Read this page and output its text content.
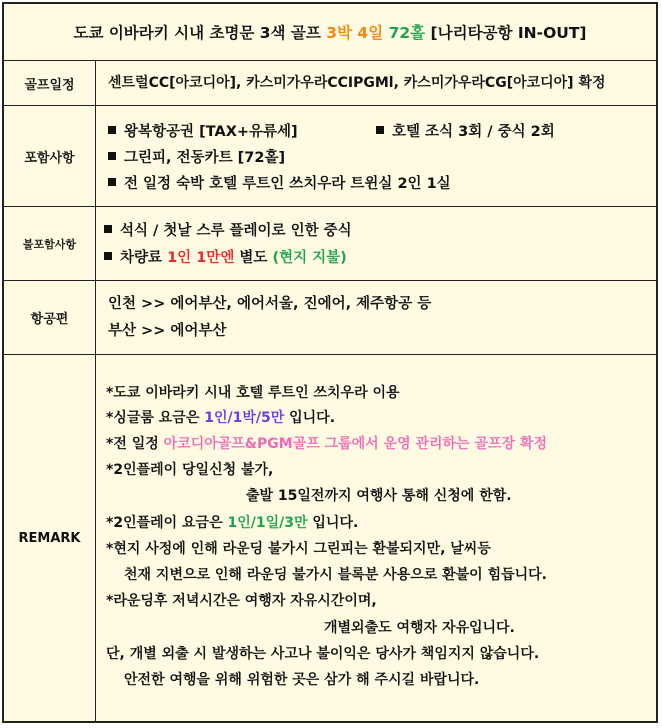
도쿄 이바라키 시내 초명문 3색 골프 3박 4일
72홀 [나리타공항 IN-OUT]
골프일정	센트럴CC[아코디아], 카스미가우라CCIPGMl, 카스미가우라CG[아코디아] 확정
포함사항
왕복항공권 [TAX+유류세]	호텔 조식 3회 / 중식 2회
그린피, 전동카트 [72홀]
전 일정 숙박 호텔 루트인 쓰치우라 트윈실 2인 1실
불포함사항
석식 / 첫날 스루 플레이로 인한 중식
차량료 1인 1만엔 별도 (현지 지불)
항공편
인천 >> 에어부산, 에어서울, 진에어, 제주항공 등
부산 >> 에어부산
REMARK
*도쿄 이바라키 시내 호텔 루트인 쓰치우라 이용
*싱글룸 요금은 1인/1박/5만 입니다.
*전 일정 아코디아골프&PGM골프 그룹에서 운영 관리하는 골프장 확정
*2인플레이 당일신청 불가,
출발 15일전까지 여행사 통해 신청에 한함.
*2인플레이 요금은 1인/1일/3만 입니다.
*현지 사정에 인해 라운딩 불가시 그린피는 환불되지만, 날씨등
천재 지변으로 인해 라운딩 불가시 블록분 사용으로 환불이 힘듭니다.
*라운딩후 저녁시간은 여행자 자유시간이며,
개별외출도 여행자 자유입니다.
단, 개별 외출 시 발생하는 사고나 불이익은 당사가 책임지지 않습니다.
안전한 여행을 위해 위험한 곳은 삼가 해 주시길 바랍니다.
